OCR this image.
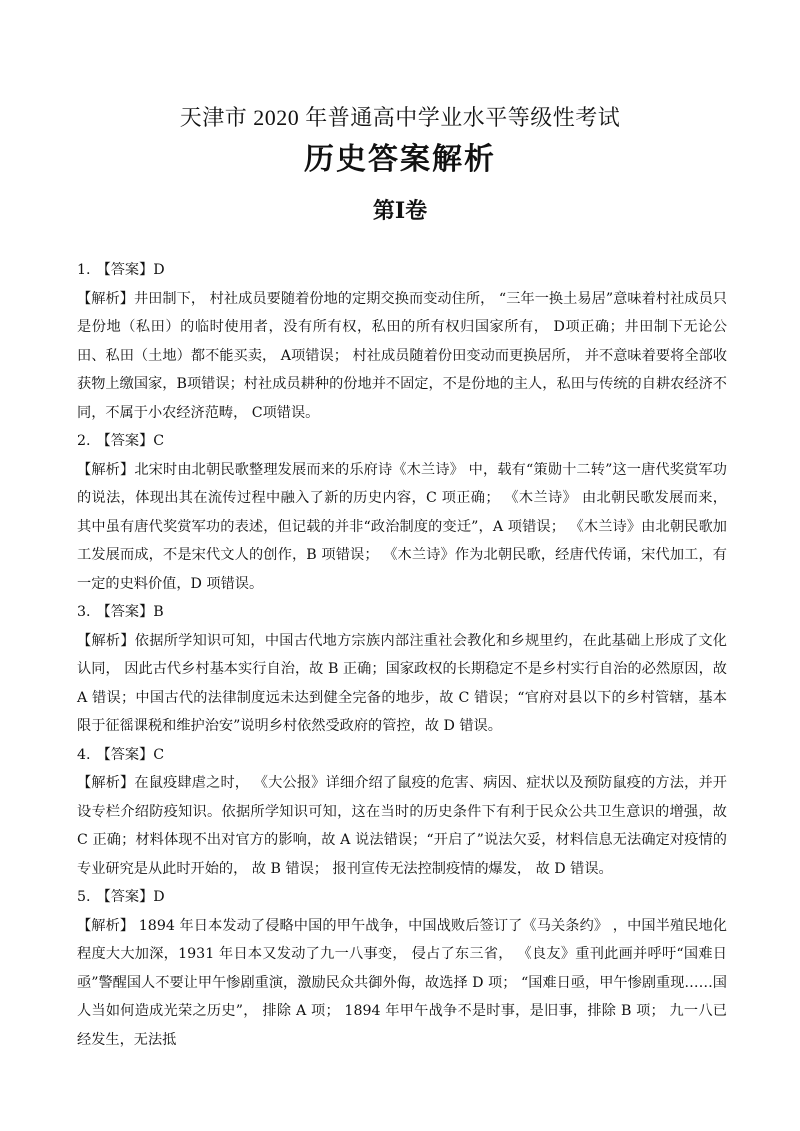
天津市 2020 年普通高中学业水平等级性考试
历史答案解析
第Ⅰ卷

1. 【答案】D

【解析】井田制下， 村社成员要随着份地的定期交换而变动住所， “三年一换土易居”意味着村社成员只是份地（私田）的临时使用者，没有所有权，私田的所有权归国家所有， D项正确；井田制下无论公田、私田（土地）都不能买卖， A项错误； 村社成员随着份田变动而更换居所， 并不意味着要将全部收获物上缴国家，B项错误；村社成员耕种的份地并不固定，不是份地的主人，私田与传统的自耕农经济不同，不属于小农经济范畴， C项错误。

2. 【答案】C

【解析】北宋时由北朝民歌整理发展而来的乐府诗《木兰诗》 中，载有“策勋十二转”这一唐代奖赏军功的说法，体现出其在流传过程中融入了新的历史内容，C 项正确； 《木兰诗》 由北朝民歌发展而来， 其中虽有唐代奖赏军功的表述，但记载的并非“政治制度的变迁”，A 项错误； 《木兰诗》由北朝民歌加工发展而成，不是宋代文人的创作，B 项错误； 《木兰诗》作为北朝民歌，经唐代传诵，宋代加工，有一定的史料价值，D 项错误。

3. 【答案】B

【解析】依据所学知识可知，中国古代地方宗族内部注重社会教化和乡规里约，在此基础上形成了文化认同， 因此古代乡村基本实行自治，故 B 正确；国家政权的长期稳定不是乡村实行自治的必然原因，故 A 错误；中国古代的法律制度远未达到健全完备的地步，故 C 错误；“官府对县以下的乡村管辖，基本限于征徭课税和维护治安”说明乡村依然受政府的管控，故 D 错误。

4. 【答案】C

【解析】在鼠疫肆虐之时， 《大公报》详细介绍了鼠疫的危害、病因、症状以及预防鼠疫的方法，并开设专栏介绍防疫知识。依据所学知识可知，这在当时的历史条件下有利于民众公共卫生意识的增强，故 C 正确；材料体现不出对官方的影响，故 A 说法错误；“开启了”说法欠妥，材料信息无法确定对疫情的专业研究是从此时开始的， 故 B 错误； 报刊宣传无法控制疫情的爆发， 故 D 错误。

5. 【答案】D

【解析】 1894 年日本发动了侵略中国的甲午战争，中国战败后签订了《马关条约》 ，中国半殖民地化程度大大加深，1931 年日本又发动了九一八事变， 侵占了东三省， 《良友》重刊此画并呼吁“国难日亟”警醒国人不要让甲午惨剧重演，激励民众共御外侮，故选择 D 项； “国难日亟，甲午惨剧重现……国人当如何造成光荣之历史”， 排除 A 项； 1894 年甲午战争不是时事，是旧事，排除 B 项； 九一八已经发生，无法抵
